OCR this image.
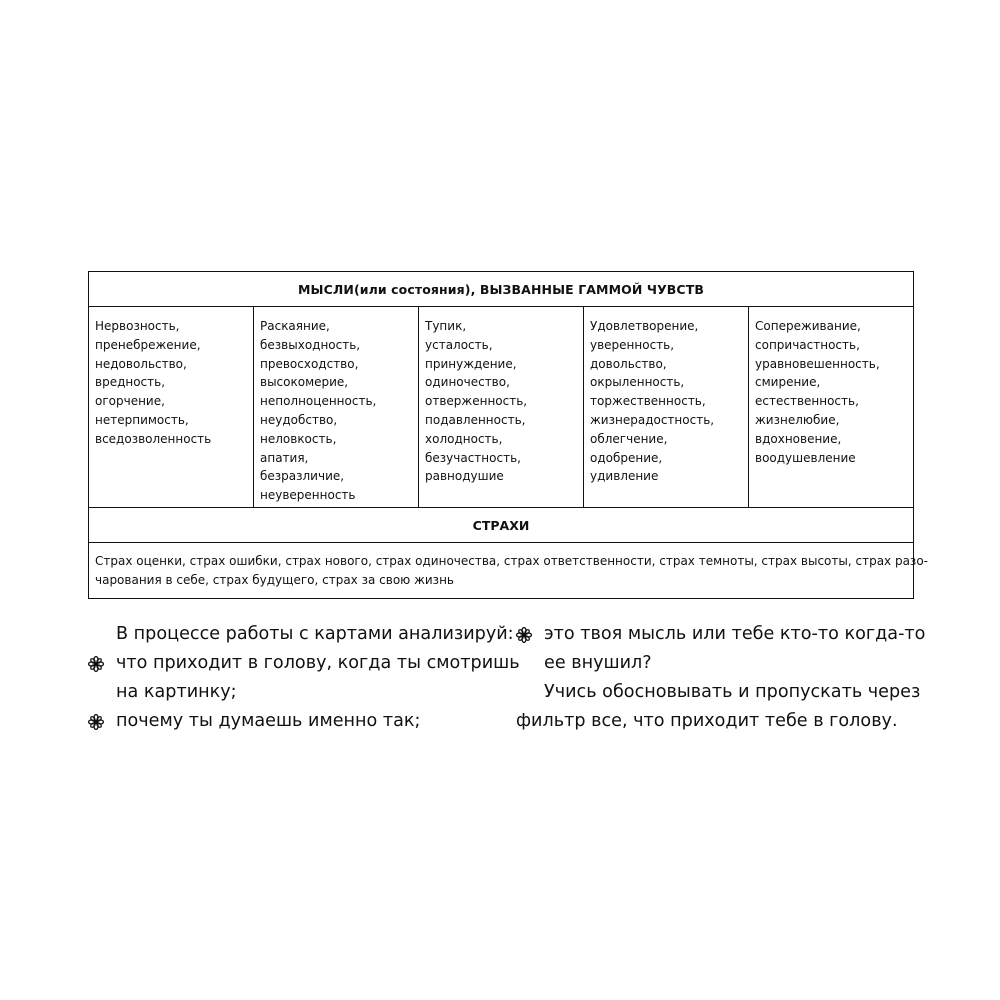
МЫСЛИ (или состояния) , ВЫЗВАННЫЕ ГАММОЙ ЧУВСТВ
Нервозность,
пренебрежение,
недовольство,
вредность,
огорчение,
нетерпимость,
вседозволенность
Раскаяние,
безвыходность,
превосходство,
высокомерие,
неполноценность,
неудобство,
неловкость,
апатия,
безразличие,
неуверенность
Тупик,
усталость,
принуждение,
одиночество,
отверженность,
подавленность,
холодность,
безучастность,
равнодушие
Удовлетворение,
уверенность,
довольство,
окрыленность,
торжественность,
жизнерадостность,
облегчение,
одобрение,
удивление
Сопереживание,
сопричастность,
уравновешенность,
смирение,
естественность,
жизнелюбие,
вдохновение,
воодушевление
СТРАХИ
Страх оценки, страх ошибки, страх нового, страх одиночества, страх ответственности, страх темноты, страх высоты, страх разо-
чарования в себе, страх будущего, страх за свою жизнь
В процессе работы с картами анализируй:
что приходит в голову, когда ты смотришь
на картинку;
почему ты думаешь именно так;
это твоя мысль или тебе кто-то когда-то
ее внушил?
Учись обосновывать и пропускать через
фильтр все, что приходит тебе в голову.
